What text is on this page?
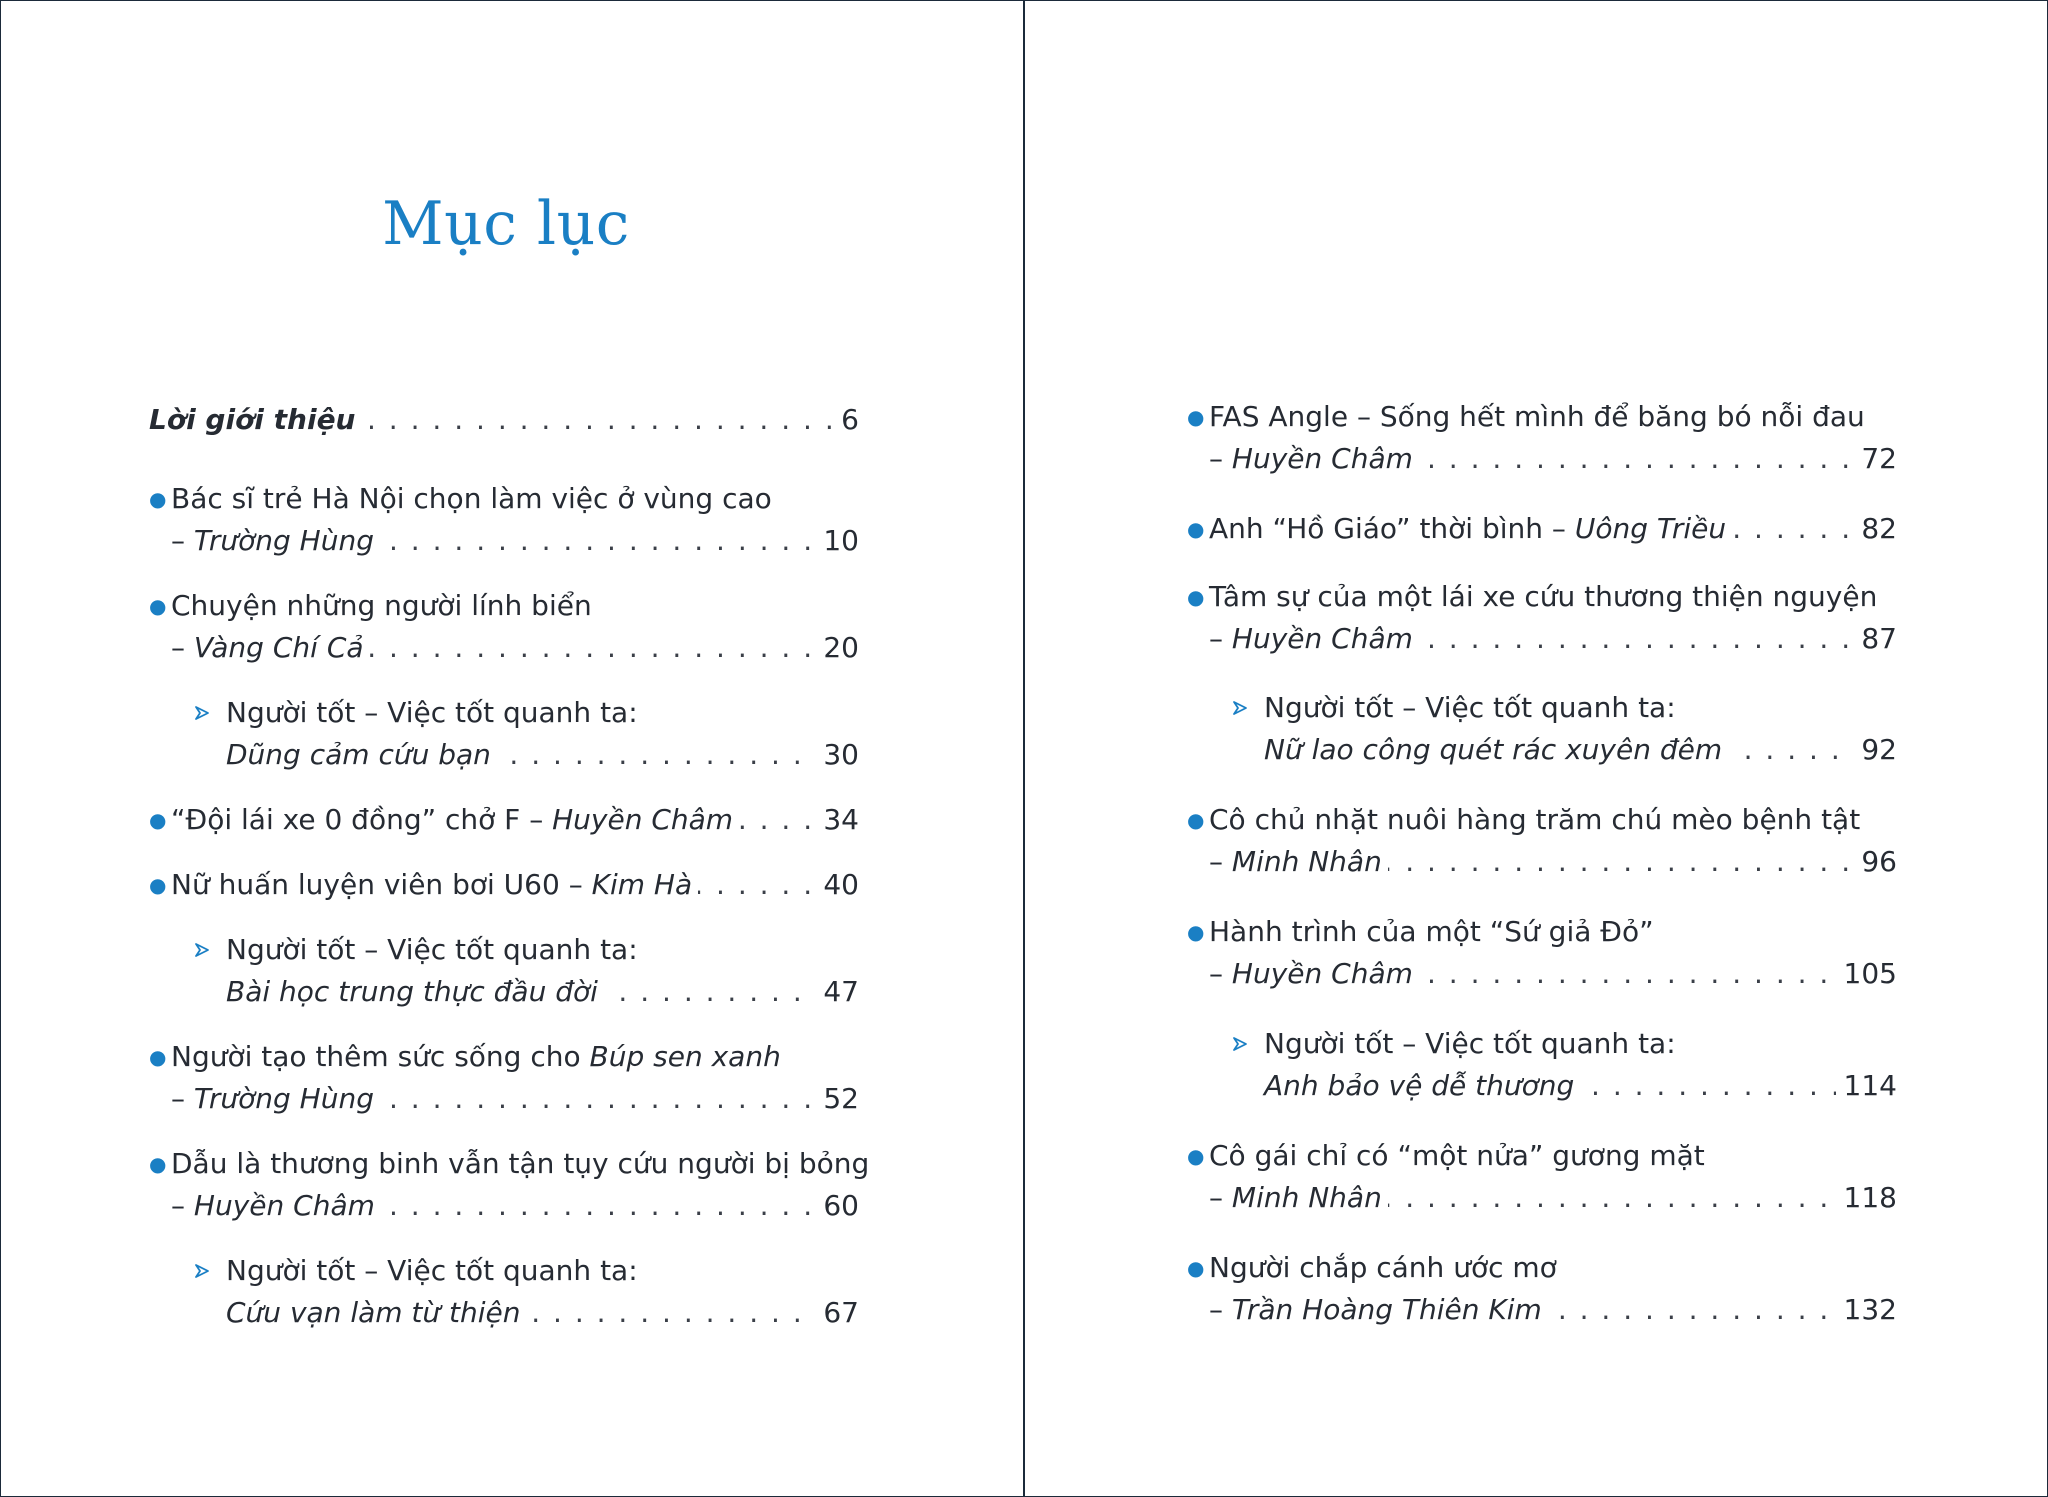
Mục lục
. . . Lời giới thiệu	6
● Bác sĩ trẻ Hà Nội chọn làm việc ở vùng cao
. . . – Trường Hùng	10
● Chuyện những người lính biển
. . . – Vàng Chí Cả	20
Người tốt – Việc tốt quanh ta:
. . . Dũng cảm cứu bạn	30
● . . . “Đội lái xe 0 đồng” chở F – Huyền Châm	34
● . . . Nữ huấn luyện viên bơi U60 – Kim Hà	40
Người tốt – Việc tốt quanh ta:
. . . Bài học trung thực đầu đời	47
● Người tạo thêm sức sống cho Búp sen xanh
. . . – Trường Hùng	52
● Dẫu là thương binh vẫn tận tụy cứu người bị bỏng
. . . – Huyền Châm	60
Người tốt – Việc tốt quanh ta:
. . . Cứu vạn làm từ thiện	67
● FAS Angle – Sống hết mình để băng bó nỗi đau
. . . – Huyền Châm	72
● . . . Anh “Hồ Giáo” thời bình – Uông Triều	82
● Tâm sự của một lái xe cứu thương thiện nguyện
. . . – Huyền Châm	87
Người tốt – Việc tốt quanh ta:
. . . Nữ lao công quét rác xuyên đêm	92
● Cô chủ nhặt nuôi hàng trăm chú mèo bệnh tật
. . . – Minh Nhân	96
● Hành trình của một “Sứ giả Đỏ”
. . . – Huyền Châm	105
Người tốt – Việc tốt quanh ta:
. . . Anh bảo vệ dễ thương	114
● Cô gái chỉ có “một nửa” gương mặt
. . . – Minh Nhân	118
● Người chắp cánh ước mơ
. . . – Trần Hoàng Thiên Kim	132
